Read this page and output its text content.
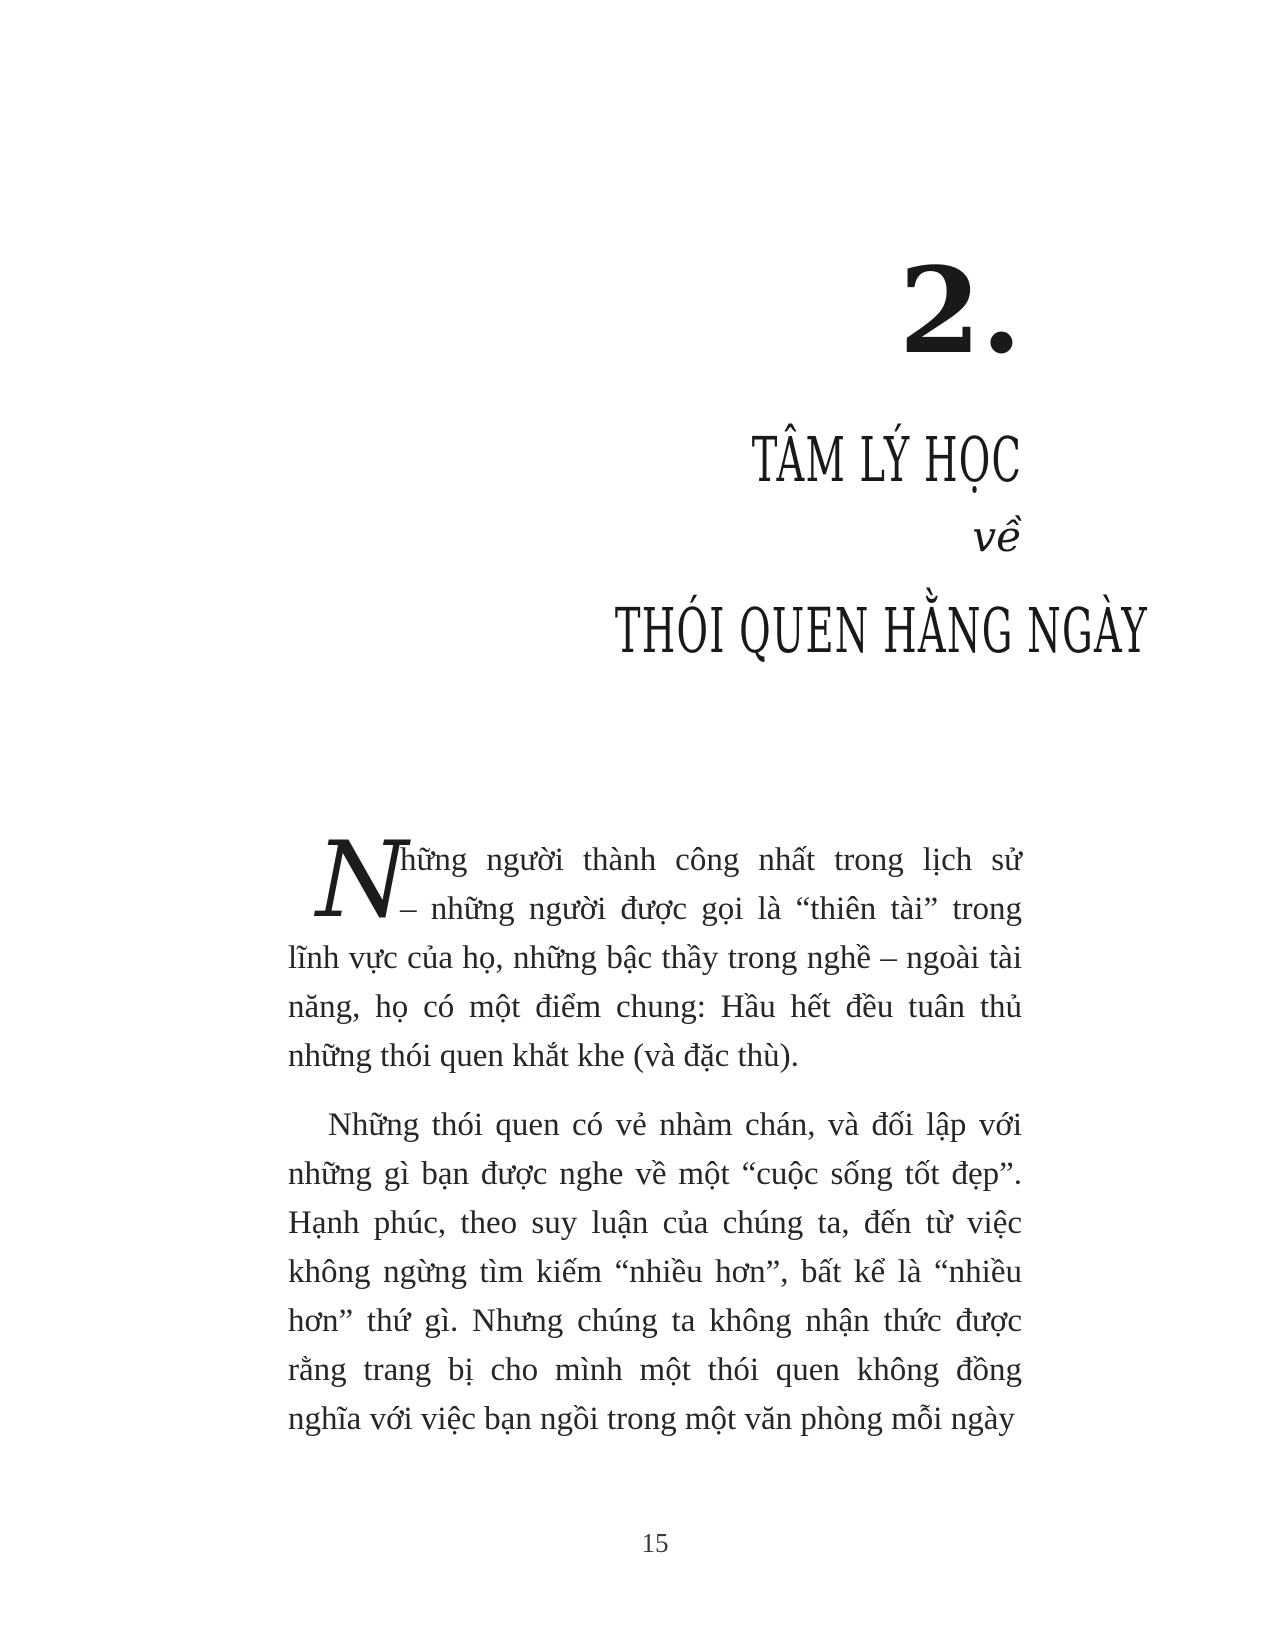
2.
TÂM LÝ HỌC
về
THÓI QUEN HẰNG NGÀY
N
hững người thành công nhất trong lịch sử
– những người được gọi là “thiên tài” trong
lĩnh vực của họ, những bậc thầy trong nghề – ngoài tài
năng, họ có một điểm chung: Hầu hết đều tuân thủ
những thói quen khắt khe (và đặc thù).
Những thói quen có vẻ nhàm chán, và đối lập với
những gì bạn được nghe về một “cuộc sống tốt đẹp”.
Hạnh phúc, theo suy luận của chúng ta, đến từ việc
không ngừng tìm kiếm “nhiều hơn”, bất kể là “nhiều
hơn” thứ gì. Nhưng chúng ta không nhận thức được
rằng trang bị cho mình một thói quen không đồng
nghĩa với việc bạn ngồi trong một văn phòng mỗi ngày
15
